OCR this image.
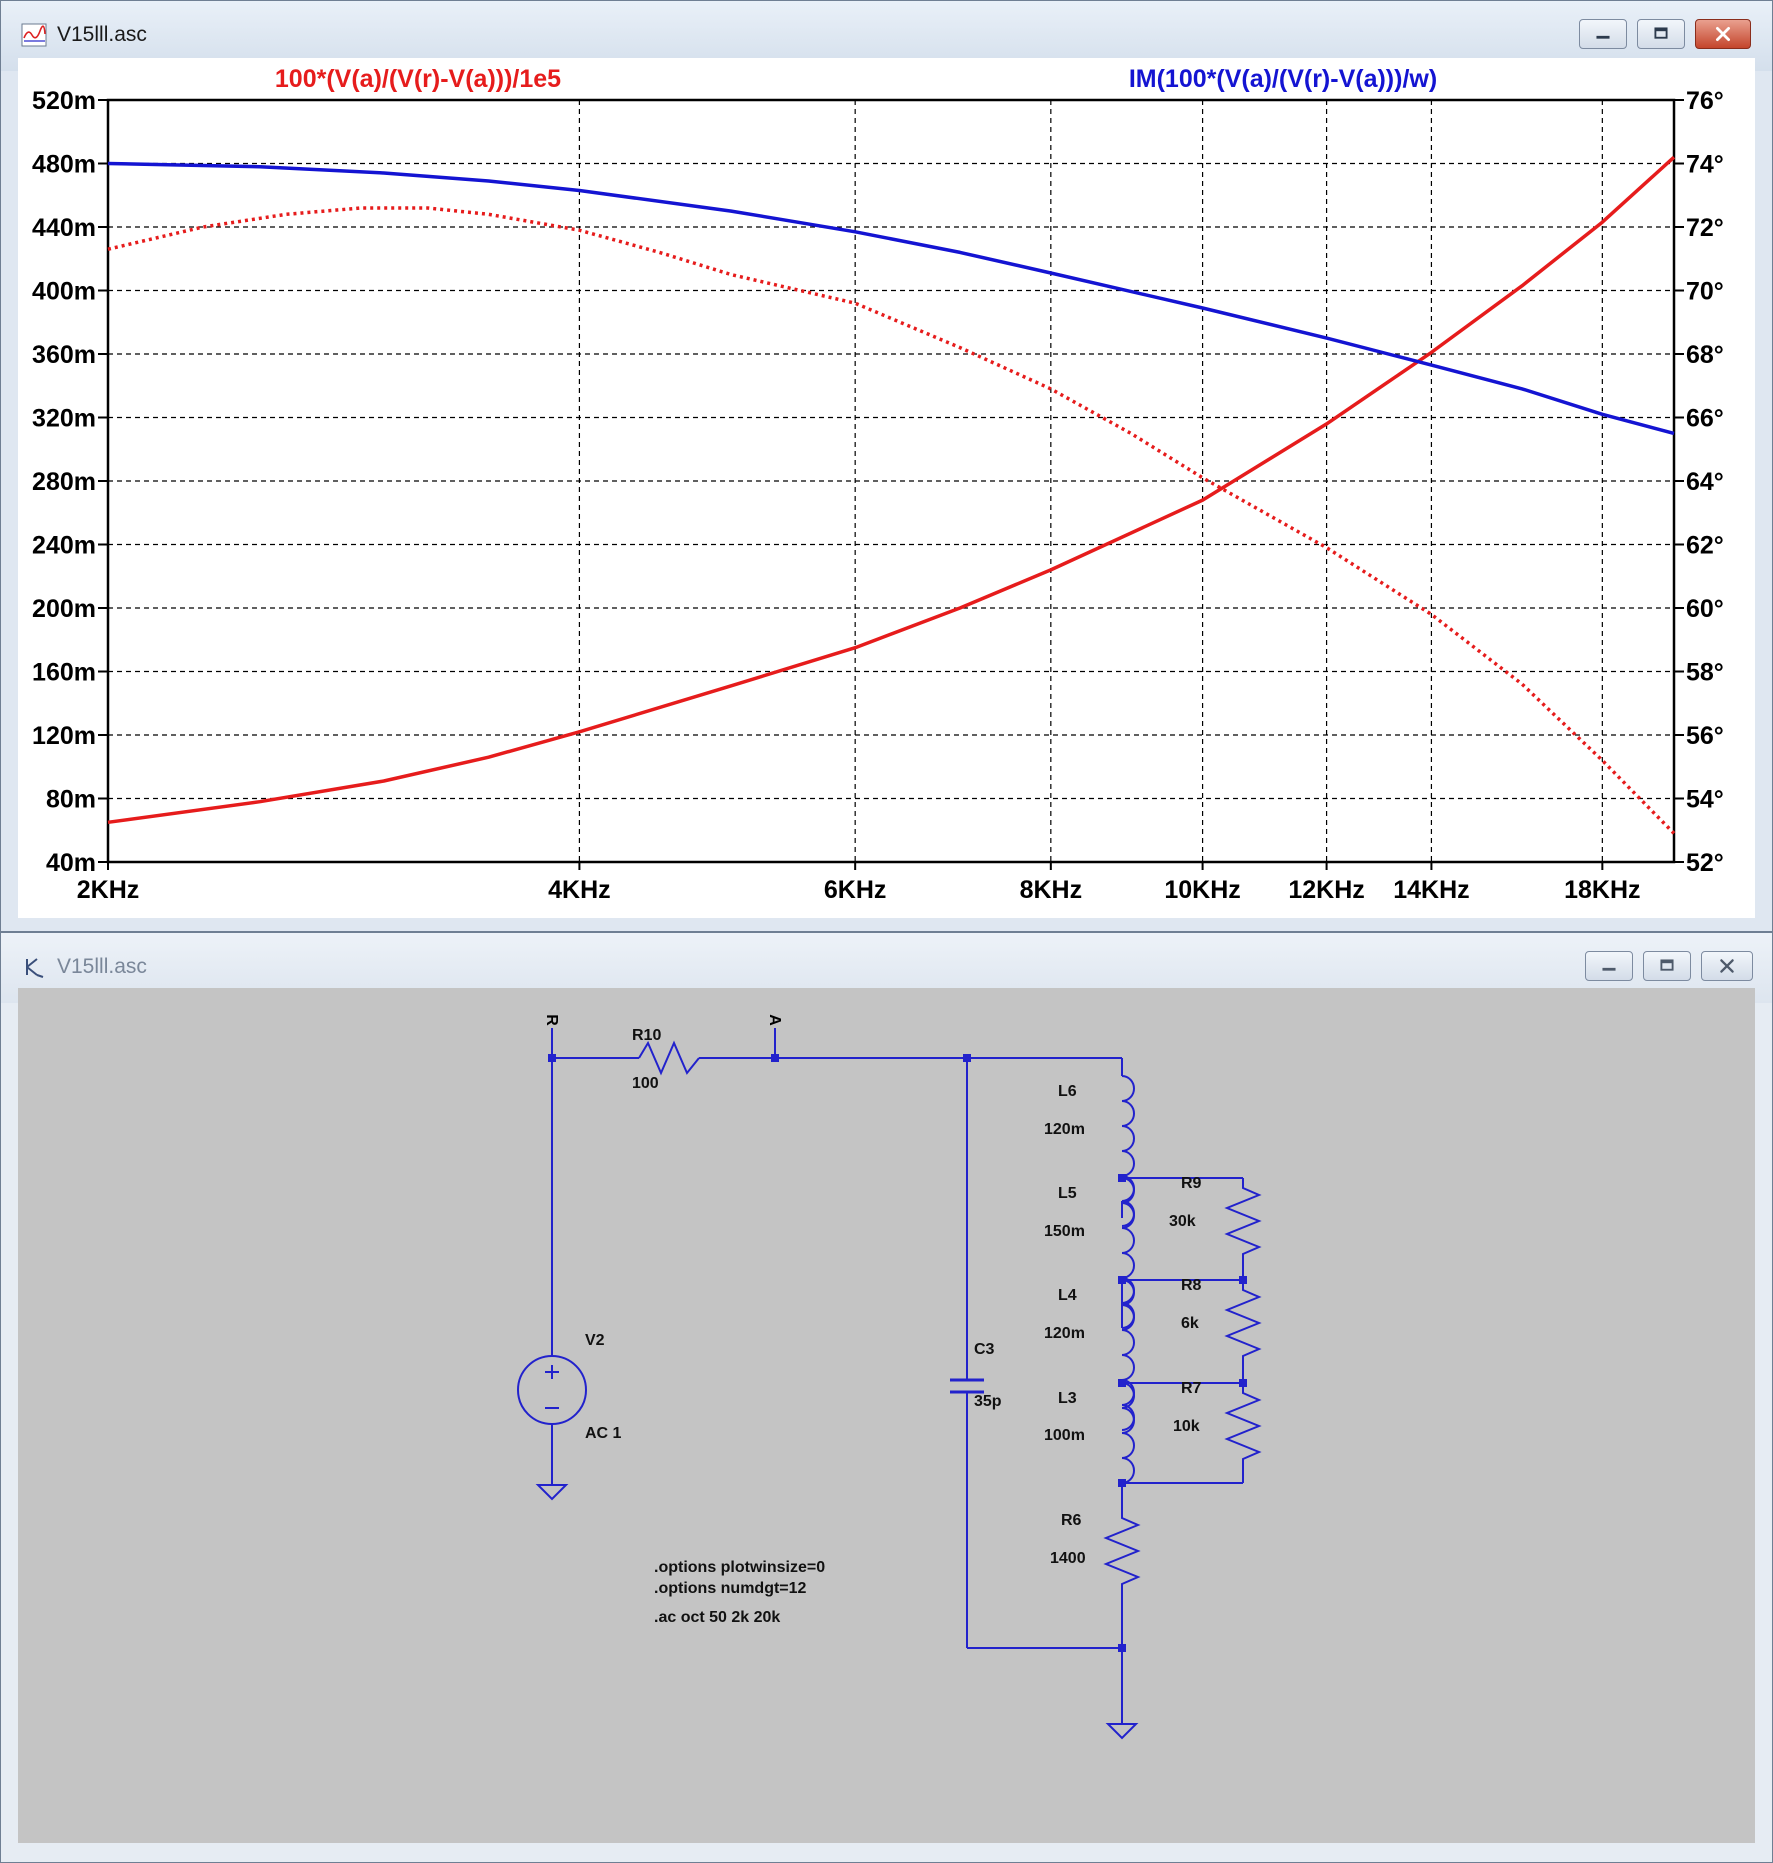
V15lll.asc
2KHz	4KHz	6KHz	8KHz	10KHz 12KHz 14KHz	18KHz
520m
480m
440m
400m
360m
320m
280m
240m
200m
160m
120m
80m
40m
76°
74°
72°
70°
68°
66°
64°
62°
60°
58°
56°
54°
52°
100*(V(a)/(V(r)-V(a)))/1e5	IM(100*(V(a)/(V(r)-V(a)))/w)
V15lll.asc
R	A
R10
100	L6
120m
L5
150m
R9
30k
L4
120m
R8
6k
L3
100m
R7
10k
R6
1400
C3
35p
V2
AC 1
.options plotwinsize=0
.options numdgt=12
.ac oct 50 2k 20k
